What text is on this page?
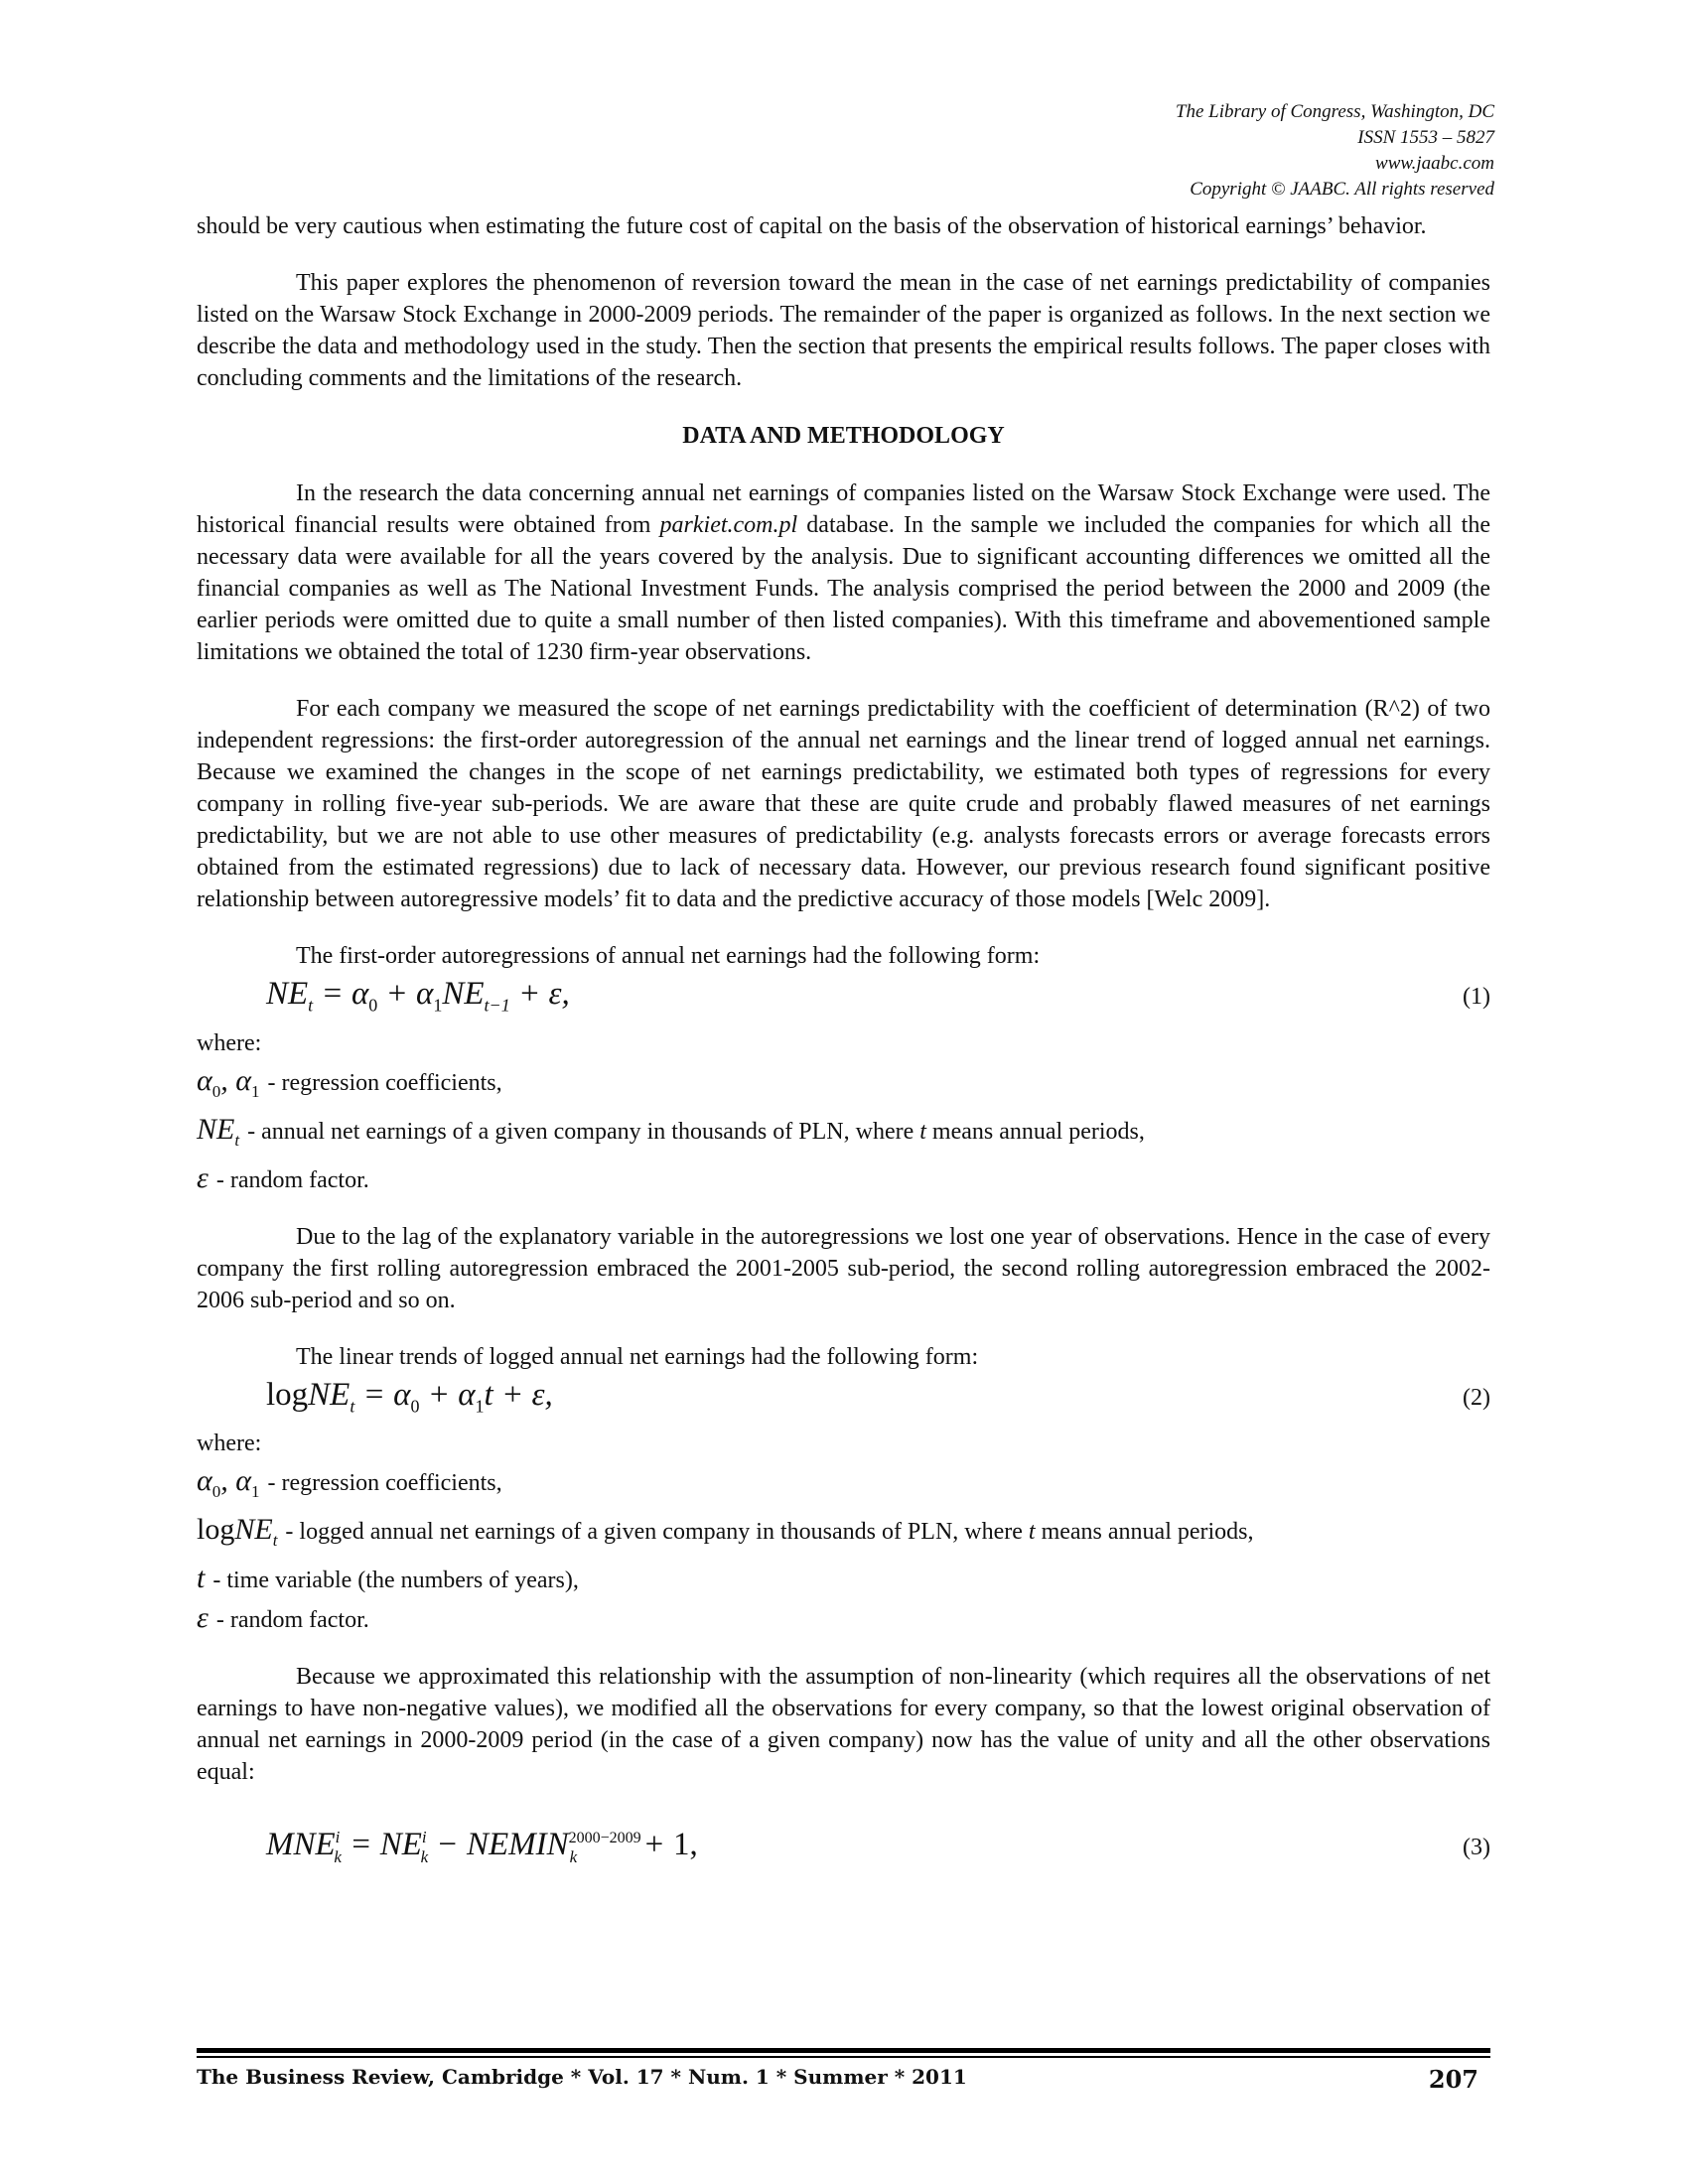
The Library of Congress, Washington, DC
ISSN 1553 – 5827
www.jaabc.com
Copyright © JAABC. All rights reserved

should be very cautious when estimating the future cost of capital on the basis of the observation of historical earnings’ behavior.

This paper explores the phenomenon of reversion toward the mean in the case of net earnings predictability of companies listed on the Warsaw Stock Exchange in 2000-2009 periods. The remainder of the paper is organized as follows. In the next section we describe the data and methodology used in the study. Then the section that presents the empirical results follows. The paper closes with concluding comments and the limitations of the research.

DATA AND METHODOLOGY

In the research the data concerning annual net earnings of companies listed on the Warsaw Stock Exchange were used. The historical financial results were obtained from parkiet.com.pl database. In the sample we included the companies for which all the necessary data were available for all the years covered by the analysis. Due to significant accounting differences we omitted all the financial companies as well as The National Investment Funds. The analysis comprised the period between the 2000 and 2009 (the earlier periods were omitted due to quite a small number of then listed companies). With this timeframe and abovementioned sample limitations we obtained the total of 1230 firm-year observations.

For each company we measured the scope of net earnings predictability with the coefficient of determination (R^2) of two independent regressions: the first-order autoregression of the annual net earnings and the linear trend of logged annual net earnings. Because we examined the changes in the scope of net earnings predictability, we estimated both types of regressions for every company in rolling five-year sub-periods. We are aware that these are quite crude and probably flawed measures of net earnings predictability, but we are not able to use other measures of predictability (e.g. analysts forecasts errors or average forecasts errors obtained from the estimated regressions) due to lack of necessary data. However, our previous research found significant positive relationship between autoregressive models’ fit to data and the predictive accuracy of those models [Welc 2009].

The first-order autoregressions of annual net earnings had the following form:

$NE_t = \alpha_0 + \alpha_1NE_{t-1} + \varepsilon$,	(1)
where:
$\alpha_0$, $\alpha_1$ - regression coefficients,
$NE_t$ - annual net earnings of a given company in thousands of PLN, where
t
means annual periods,
ε - random factor.

Due to the lag of the explanatory variable in the autoregressions we lost one year of observations. Hence in the case of every company the first rolling autoregression embraced the 2001-2005 sub-period, the second rolling autoregression embraced the 2002-2006 sub-period and so on.

The linear trends of logged annual net earnings had the following form:

logNE$_t$ = $\alpha_0 + \alpha_1t + \varepsilon$,	(2)
where:
$\alpha_0$, $\alpha_1$ - regression coefficients,
logNE$_t$ - logged annual net earnings of a given company in thousands of PLN, where
t
means annual periods,
t - time variable (the numbers of years),
ε - random factor.

Because we approximated this relationship with the assumption of non-linearity (which requires all the observations of net earnings to have non-negative values), we modified all the observations for every company, so that the lowest original observation of annual net earnings in 2000-2009 period (in the case of a given company) now has the value of unity and all the other observations equal:

$MNE^i_k = NE^i_k$ − $NEMIN^{2000-2009}_k + 1$,	(3)
The Business Review, Cambridge * Vol. 17 * Num. 1 * Summer * 2011	207
